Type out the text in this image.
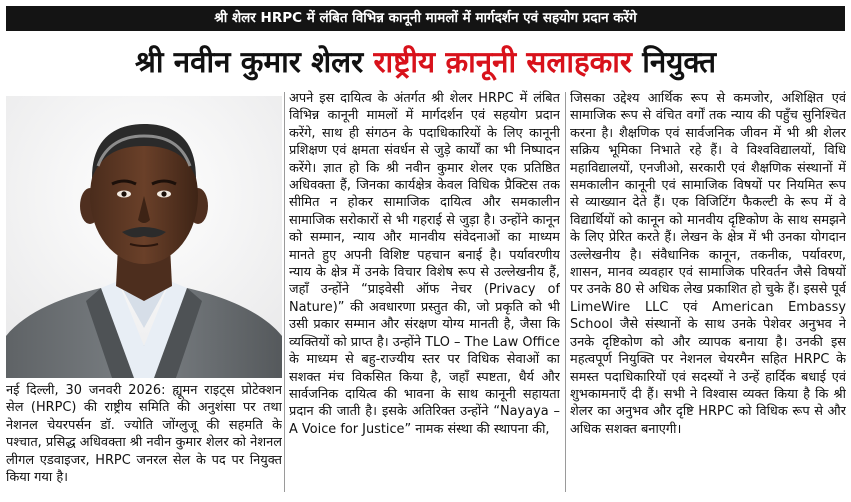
श्री शेलर HRPC में लंबित विभिन्न कानूनी मामलों में मार्गदर्शन एवं सहयोग प्रदान करेंगे
श्री नवीन कुमार शेलर राष्ट्रीय क़ानूनी सलाहकार नियुक्त

नई दिल्ली, 30 जनवरी 2026: ह्यूमन राइट्स प्रोटेक्शन सेल (HRPC) की राष्ट्रीय समिति की अनुशंसा पर तथा नेशनल चेयरपर्सन डॉ. ज्योति जोंग्लुजू की सहमति के पश्चात, प्रसिद्ध अधिवक्ता श्री नवीन कुमार शेलर को नेशनल लीगल एडवाइजर, HRPC जनरल सेल के पद पर नियुक्त किया गया है।

अपने इस दायित्व के अंतर्गत श्री शेलर HRPC में लंबित विभिन्न कानूनी मामलों में मार्गदर्शन एवं सहयोग प्रदान करेंगे, साथ ही संगठन के पदाधिकारियों के लिए कानूनी प्रशिक्षण एवं क्षमता संवर्धन से जुड़े कार्यों का भी निष्पादन करेंगे। ज्ञात हो कि श्री नवीन कुमार शेलर एक प्रतिष्ठित अधिवक्ता हैं, जिनका कार्यक्षेत्र केवल विधिक प्रैक्टिस तक सीमित न होकर सामाजिक दायित्व और समकालीन सामाजिक सरोकारों से भी गहराई से जुड़ा है। उन्होंने कानून को सम्मान, न्याय और मानवीय संवेदनाओं का माध्यम मानते हुए अपनी विशिष्ट पहचान बनाई है। पर्यावरणीय न्याय के क्षेत्र में उनके विचार विशेष रूप से उल्लेखनीय हैं, जहाँ उन्होंने “प्राइवेसी ऑफ नेचर (Privacy of Nature)” की अवधारणा प्रस्तुत की, जो प्रकृति को भी उसी प्रकार सम्मान और संरक्षण योग्य मानती है, जैसा कि व्यक्तियों को प्राप्त है। उन्होंने TLO – The Law Office के माध्यम से बहु-राज्यीय स्तर पर विधिक सेवाओं का सशक्त मंच विकसित किया है, जहाँ स्पष्टता, धैर्य और सार्वजनिक दायित्व की भावना के साथ कानूनी सहायता प्रदान की जाती है। इसके अतिरिक्त उन्होंने “Nayaya – A Voice for Justice” नामक संस्था की स्थापना की,

जिसका उद्देश्य आर्थिक रूप से कमजोर, अशिक्षित एवं सामाजिक रूप से वंचित वर्गों तक न्याय की पहुँच सुनिश्चित करना है। शैक्षणिक एवं सार्वजनिक जीवन में भी श्री शेलर सक्रिय भूमिका निभाते रहे हैं। वे विश्वविद्यालयों, विधि महाविद्यालयों, एनजीओ, सरकारी एवं शैक्षणिक संस्थानों में समकालीन कानूनी एवं सामाजिक विषयों पर नियमित रूप से व्याख्यान देते हैं। एक विजिटिंग फैकल्टी के रूप में वे विद्यार्थियों को कानून को मानवीय दृष्टिकोण के साथ समझने के लिए प्रेरित करते हैं। लेखन के क्षेत्र में भी उनका योगदान उल्लेखनीय है। संवैधानिक कानून, तकनीक, पर्यावरण, शासन, मानव व्यवहार एवं सामाजिक परिवर्तन जैसे विषयों पर उनके 80 से अधिक लेख प्रकाशित हो चुके हैं। इससे पूर्व LimeWire LLC एवं American Embassy School जैसे संस्थानों के साथ उनके पेशेवर अनुभव ने उनके दृष्टिकोण को और व्यापक बनाया है। उनकी इस महत्वपूर्ण नियुक्ति पर नेशनल चेयरमैन सहित HRPC के समस्त पदाधिकारियों एवं सदस्यों ने उन्हें हार्दिक बधाई एवं शुभकामनाएँ दी हैं। सभी ने विश्वास व्यक्त किया है कि श्री शेलर का अनुभव और दृष्टि HRPC को विधिक रूप से और अधिक सशक्त बनाएगी।
